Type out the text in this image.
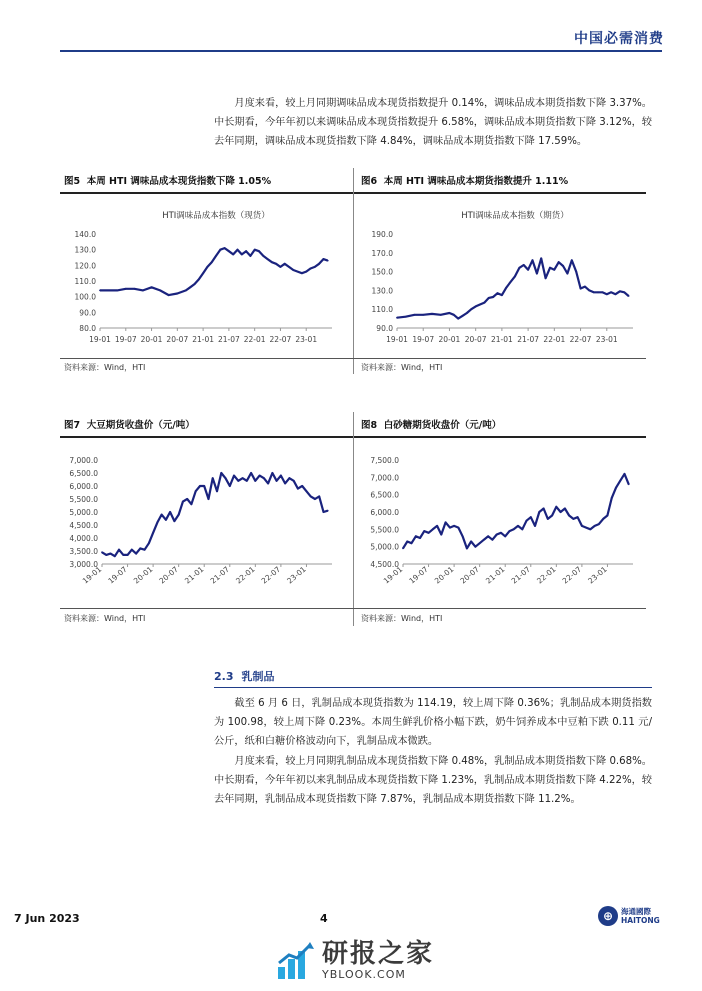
中国必需消费

月度来看，较上月同期调味品成本现货指数提升 0.14%，调味品成本期货指数下降 3.37%。中长期看，今年年初以来调味品成本现货指数提升 6.58%，调味品成本期货指数下降 3.12%，较去年同期，调味品成本现货指数下降 4.84%，调味品成本期货指数下降 17.59%。

图5 本周 HTI 调味品成本现货指数下降 1.05%	图6 本周 HTI 调味品成本期货指数提升 1.11%
HTI调味品成本指数（现货）
80.0
90.0
100.0
110.0
120.0
130.0
140.0
19-01 19-07 20-01 20-07 21-01 21-07 22-01 22-07 23-01
HTI调味品成本指数（期货）
90.0
110.0
130.0
150.0
170.0
190.0
19-01 19-07 20-01 20-07 21-01 21-07 22-01 22-07 23-01
资料来源：Wind，HTI	资料来源：Wind，HTI
图7 大豆期货收盘价（元/吨）	图8 白砂糖期货收盘价（元/吨）
3,000.0
3,500.0
4,000.0
4,500.0
5,000.0
5,500.0
6,000.0
6,500.0
7,000.0
19-01 19-07 20-01 20-07 21-01 21-07 22-01 22-07 23-01
4,500.0
5,000.0
5,500.0
6,000.0
6,500.0
7,000.0
7,500.0
19-01 19-07 20-01 20-07 21-01 21-07 22-01 22-07 23-01
资料来源：Wind，HTI	资料来源：Wind，HTI
2.3 乳制品

截至 6 月 6 日，乳制品成本现货指数为 114.19，较上周下降 0.36%；乳制品成本期货指数为 100.98，较上周下降 0.23%。本周生鲜乳价格小幅下跌，奶牛饲养成本中豆粕下跌 0.11 元/公斤，纸和白糖价格波动向下，乳制品成本微跌。

月度来看，较上月同期乳制品成本现货指数下降 0.48%，乳制品成本期货指数下降 0.68%。中长期看，今年年初以来乳制品成本现货指数下降 1.23%，乳制品成本期货指数下降 4.22%，较去年同期，乳制品成本现货指数下降 7.87%，乳制品成本期货指数下降 11.2%。

7 Jun 2023	4	⊕	海通國際
HAITONG
研报之家
YBLOOK.COM
